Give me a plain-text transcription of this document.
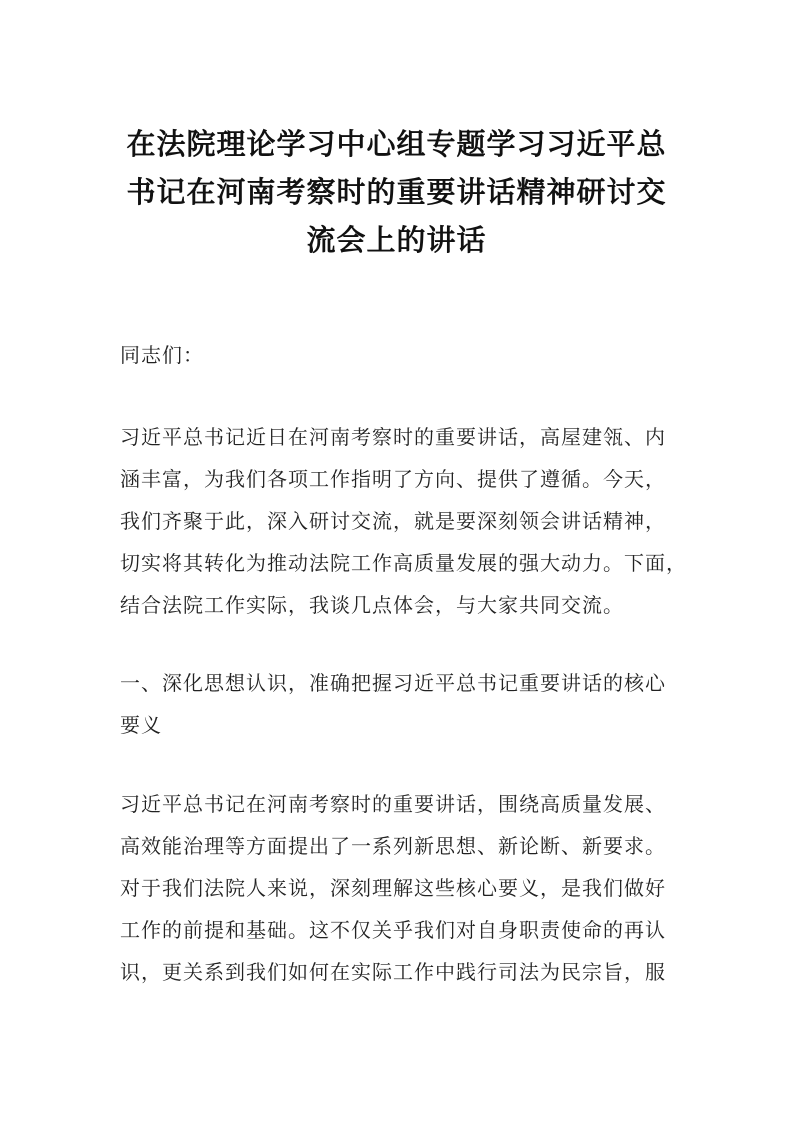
在法院理论学习中心组专题学习习近平总
书记在河南考察时的重要讲话精神研讨交
流会上的讲话
同志们：
习近平总书记近日在河南考察时的重要讲话，高屋建瓴、内
涵丰富，为我们各项工作指明了方向、提供了遵循。今天，
我们齐聚于此，深入研讨交流，就是要深刻领会讲话精神，
切实将其转化为推动法院工作高质量发展的强大动力。下面，
结合法院工作实际，我谈几点体会，与大家共同交流。
一、深化思想认识，准确把握习近平总书记重要讲话的核心
要义
习近平总书记在河南考察时的重要讲话，围绕高质量发展、
高效能治理等方面提出了一系列新思想、新论断、新要求。
对于我们法院人来说，深刻理解这些核心要义，是我们做好
工作的前提和基础。这不仅关乎我们对自身职责使命的再认
识，更关系到我们如何在实际工作中践行司法为民宗旨，服
